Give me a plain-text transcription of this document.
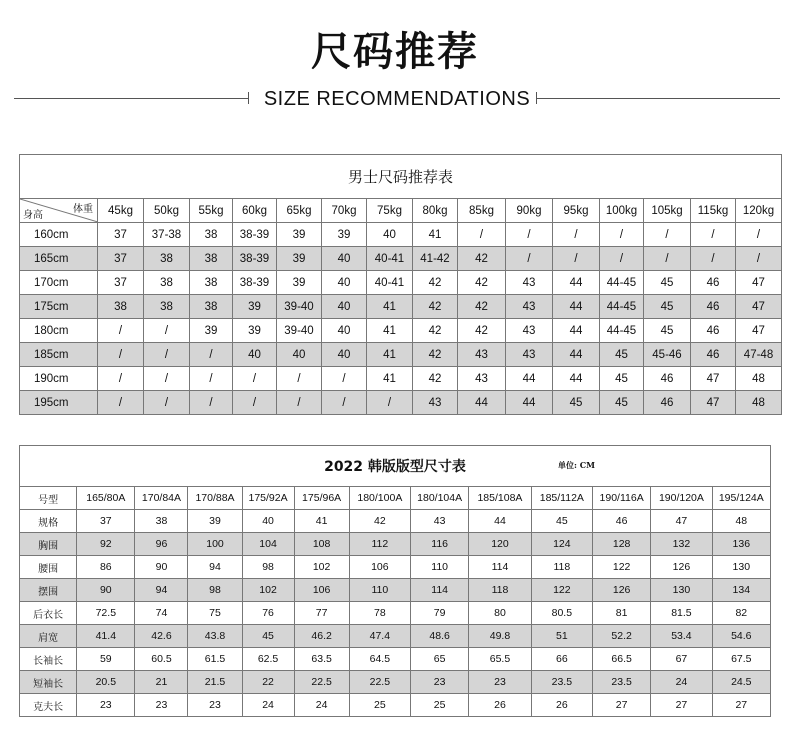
尺码推荐
SIZE RECOMMENDATIONS
男士尺码推荐表															

体重
身高	45kg	50kg	55kg	60kg	65kg	70kg	75kg	80kg	85kg	90kg	95kg	100kg	105kg	115kg	120kg
160cm	37	37-38	38	38-39	39	39	40	41	/	/	/	/	/	/	/
165cm	37	38	38	38-39	39	40	40-41	41-42	42	/	/	/	/	/	/
170cm	37	38	38	38-39	39	40	40-41	42	42	43	44	44-45	45	46	47
175cm	38	38	38	39	39-40	40	41	42	42	43	44	44-45	45	46	47
180cm	/	/	39	39	39-40	40	41	42	42	43	44	44-45	45	46	47
185cm	/	/	/	40	40	40	41	42	43	43	44	45	45-46	46	47-48
190cm	/	/	/	/	/	/	41	42	43	44	44	45	46	47	48
195cm	/	/	/	/	/	/	/	43	44	44	45	45	46	47	48
2022 韩版版型尺寸表 单位: CM												

号型	165/80A	170/84A	170/88A	175/92A	175/96A	180/100A	180/104A	185/108A	185/112A	190/116A	190/120A	195/124A
规格	37	38	39	40	41	42	43	44	45	46	47	48
胸围	92	96	100	104	108	112	116	120	124	128	132	136
腰围	86	90	94	98	102	106	110	114	118	122	126	130
摆围	90	94	98	102	106	110	114	118	122	126	130	134
后衣长	72.5	74	75	76	77	78	79	80	80.5	81	81.5	82
肩宽	41.4	42.6	43.8	45	46.2	47.4	48.6	49.8	51	52.2	53.4	54.6
长袖长	59	60.5	61.5	62.5	63.5	64.5	65	65.5	66	66.5	67	67.5
短袖长	20.5	21	21.5	22	22.5	22.5	23	23	23.5	23.5	24	24.5
克夫长	23	23	23	24	24	25	25	26	26	27	27	27
